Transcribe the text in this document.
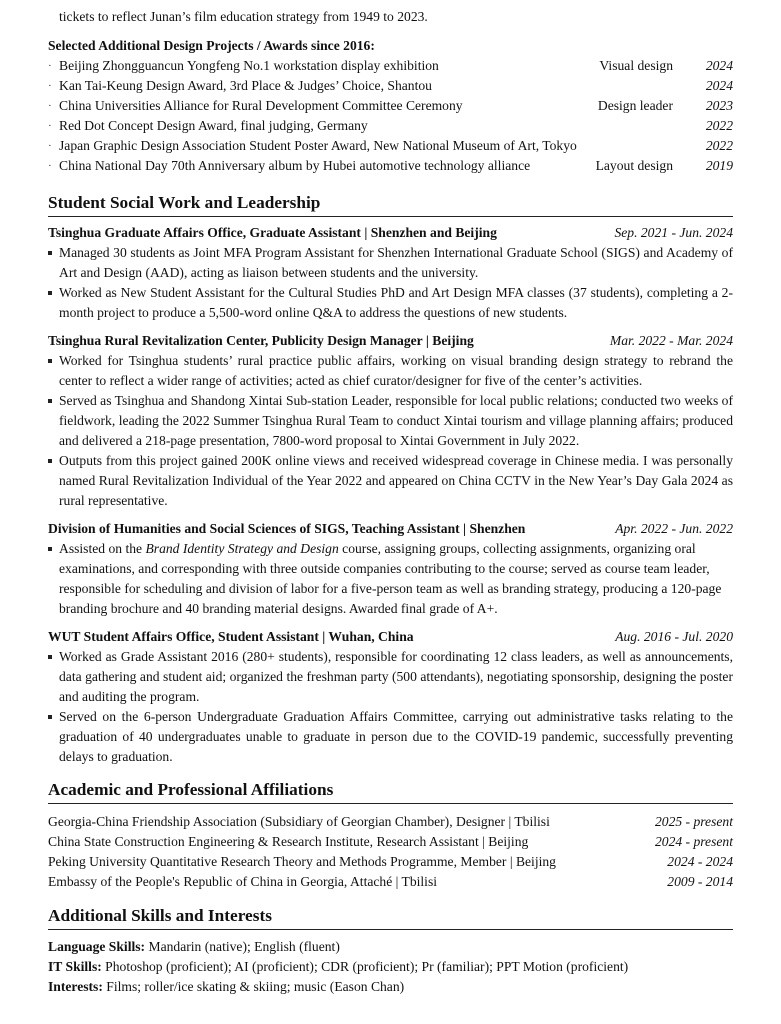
tickets to reflect Junan’s film education strategy from 1949 to 2023.
Selected Additional Design Projects / Awards since 2016:
· Beijing Zhongguancun Yongfeng No.1 workstation display exhibition	Visual design 2024
· Kan Tai-Keung Design Award, 3rd Place & Judges’ Choice, Shantou	2024
· China Universities Alliance for Rural Development Committee Ceremony	Design leader 2023
· Red Dot Concept Design Award, final judging, Germany	2022
· Japan Graphic Design Association Student Poster Award, New National Museum of Art, Tokyo	2022
· China National Day 70th Anniversary album by Hubei automotive technology alliance	Layout design 2019
Student Social Work and Leadership
Tsinghua Graduate Affairs Office, Graduate Assistant | Shenzhen and Beijing	Sep. 2021 - Jun. 2024
Managed 30 students as Joint MFA Program Assistant for Shenzhen International Graduate School (SIGS) and Academy of Art and Design (AAD), acting as liaison between students and the university.
Worked as New Student Assistant for the Cultural Studies PhD and Art Design MFA classes (37 students), completing a 2-month project to produce a 5,500-word online Q&A to address the questions of new students.
Tsinghua Rural Revitalization Center, Publicity Design Manager | Beijing	Mar. 2022 - Mar. 2024
Worked for Tsinghua students’ rural practice public affairs, working on visual branding design strategy to rebrand the center to reflect a wider range of activities; acted as chief curator/designer for five of the center’s activities.
Served as Tsinghua and Shandong Xintai Sub-station Leader, responsible for local public relations; conducted two weeks of fieldwork, leading the 2022 Summer Tsinghua Rural Team to conduct Xintai tourism and village planning affairs; produced and delivered a 218-page presentation, 7800-word proposal to Xintai Government in July 2022.
Outputs from this project gained 200K online views and received widespread coverage in Chinese media. I was personally named Rural Revitalization Individual of the Year 2022 and appeared on China CCTV in the New Year’s Day Gala 2024 as rural representative.
Division of Humanities and Social Sciences of SIGS, Teaching Assistant | Shenzhen	Apr. 2022 - Jun. 2022
Assisted on the Brand Identity Strategy and Design course, assigning groups, collecting assignments, organizing oral examinations, and corresponding with three outside companies contributing to the course; served as course team leader, responsible for scheduling and division of labor for a five-person team as well as branding strategy, producing a 120-page branding brochure and 40 branding material designs. Awarded final grade of A+.
WUT Student Affairs Office, Student Assistant | Wuhan, China	Aug. 2016 - Jul. 2020
Worked as Grade Assistant 2016 (280+ students), responsible for coordinating 12 class leaders, as well as announcements, data gathering and student aid; organized the freshman party (500 attendants), negotiating sponsorship, designing the poster and auditing the program.
Served on the 6-person Undergraduate Graduation Affairs Committee, carrying out administrative tasks relating to the graduation of 40 undergraduates unable to graduate in person due to the COVID-19 pandemic, successfully preventing delays to graduation.
Academic and Professional Affiliations
Georgia-China Friendship Association (Subsidiary of Georgian Chamber), Designer | Tbilisi	2025 - present
China State Construction Engineering & Research Institute, Research Assistant | Beijing	2024 - present
Peking University Quantitative Research Theory and Methods Programme, Member | Beijing	2024 - 2024
Embassy of the People's Republic of China in Georgia, Attaché | Tbilisi	2009 - 2014
Additional Skills and Interests
Language Skills: Mandarin (native); English (fluent)
IT Skills: Photoshop (proficient); AI (proficient); CDR (proficient); Pr (familiar); PPT Motion (proficient)
Interests: Films; roller/ice skating & skiing; music (Eason Chan)
